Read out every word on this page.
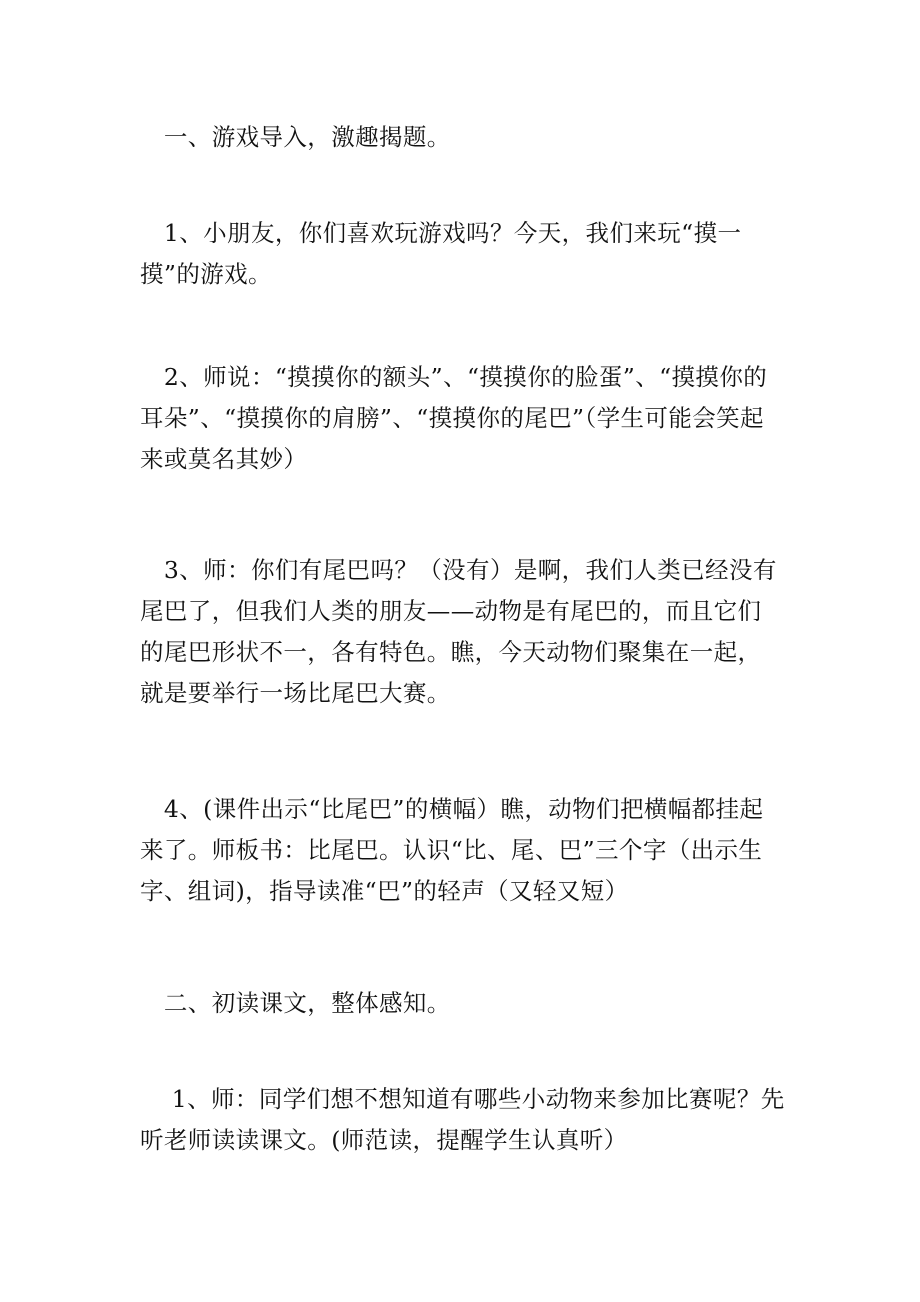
　一、游戏导入，激趣揭题。

　1、小朋友，你们喜欢玩游戏吗？今天，我们来玩“摸一摸”的游戏。

　2、师说：“摸摸你的额头”、“摸摸你的脸蛋”、“摸摸你的耳朵”、“摸摸你的肩膀”、“摸摸你的尾巴”（学生可能会笑起来或莫名其妙）

　3、师：你们有尾巴吗？（没有）是啊，我们人类已经没有尾巴了，但我们人类的朋友——动物是有尾巴的，而且它们的尾巴形状不一，各有特色。瞧，今天动物们聚集在一起，就是要举行一场比尾巴大赛。

　4、(课件出示“比尾巴”的横幅）瞧，动物们把横幅都挂起来了。师板书：比尾巴。认识“比、尾、巴”三个字（出示生字、组词)，指导读准“巴”的轻声（又轻又短）

　二、初读课文，整体感知。

　 1、师：同学们想不想知道有哪些小动物来参加比赛呢？先听老师读读课文。(师范读，提醒学生认真听）
